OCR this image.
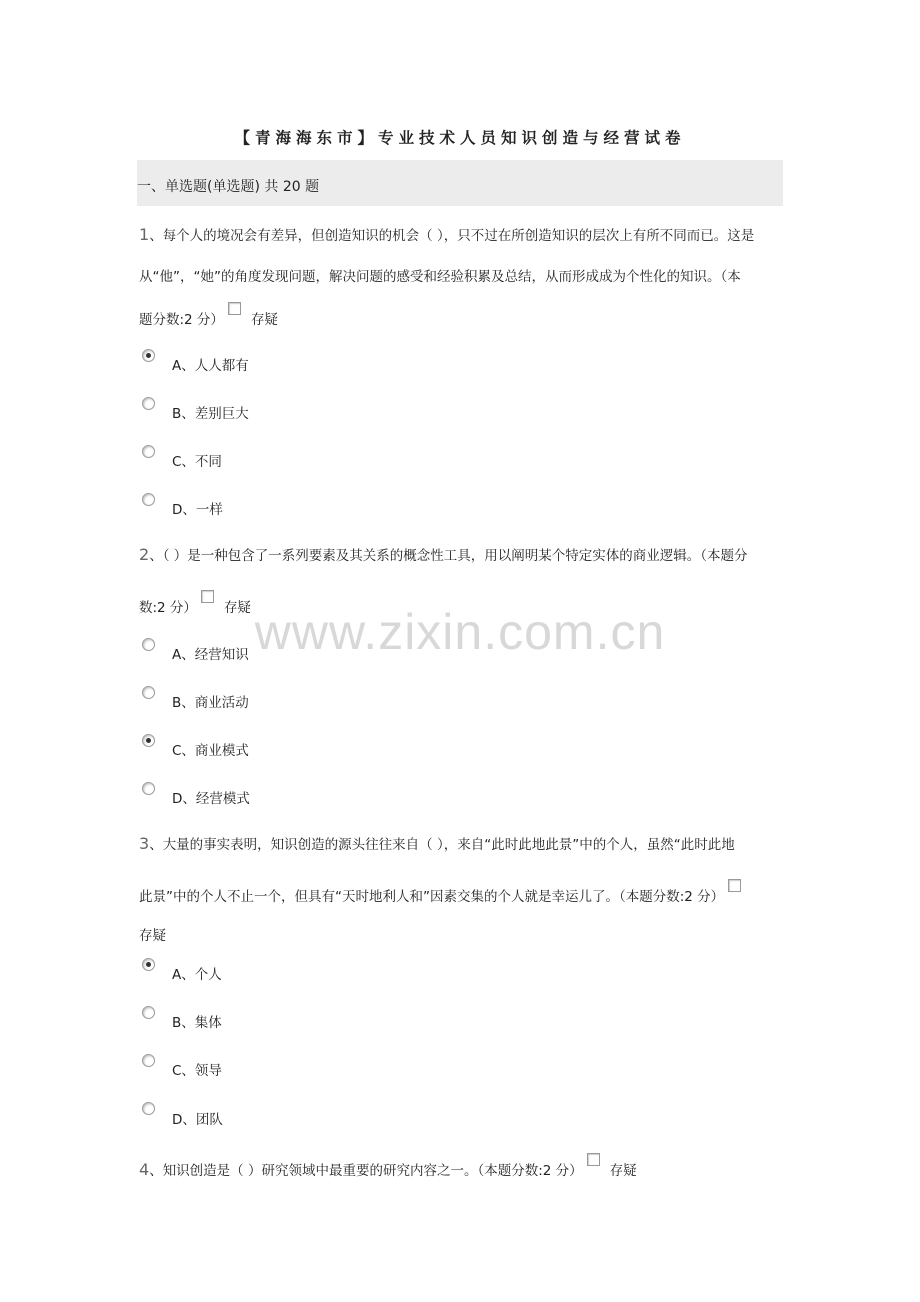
【青海海东市】专业技术人员知识创造与经营试卷
一、单选题(单选题) 共 20 题
www.zixin.com.cn
1、每个人的境况会有差异，但创造知识的机会（ ），只不过在所创造知识的层次上有所不同而已。这是
从“他”，“她”的角度发现问题，解决问题的感受和经验积累及总结，从而形成成为个性化的知识。（本
题分数:2 分） 存疑
A、人人都有
B、差别巨大
C、不同
D、一样
2、（ ）是一种包含了一系列要素及其关系的概念性工具，用以阐明某个特定实体的商业逻辑。（本题分
数:2 分） 存疑
A、经营知识
B、商业活动
C、商业模式
D、经营模式
3、大量的事实表明，知识创造的源头往往来自（ ），来自“此时此地此景”中的个人，虽然“此时此地
此景”中的个人不止一个，但具有“天时地利人和”因素交集的个人就是幸运儿了。（本题分数:2 分）
存疑
A、个人
B、集体
C、领导
D、团队
4、知识创造是（ ）研究领域中最重要的研究内容之一。（本题分数:2 分） 存疑
